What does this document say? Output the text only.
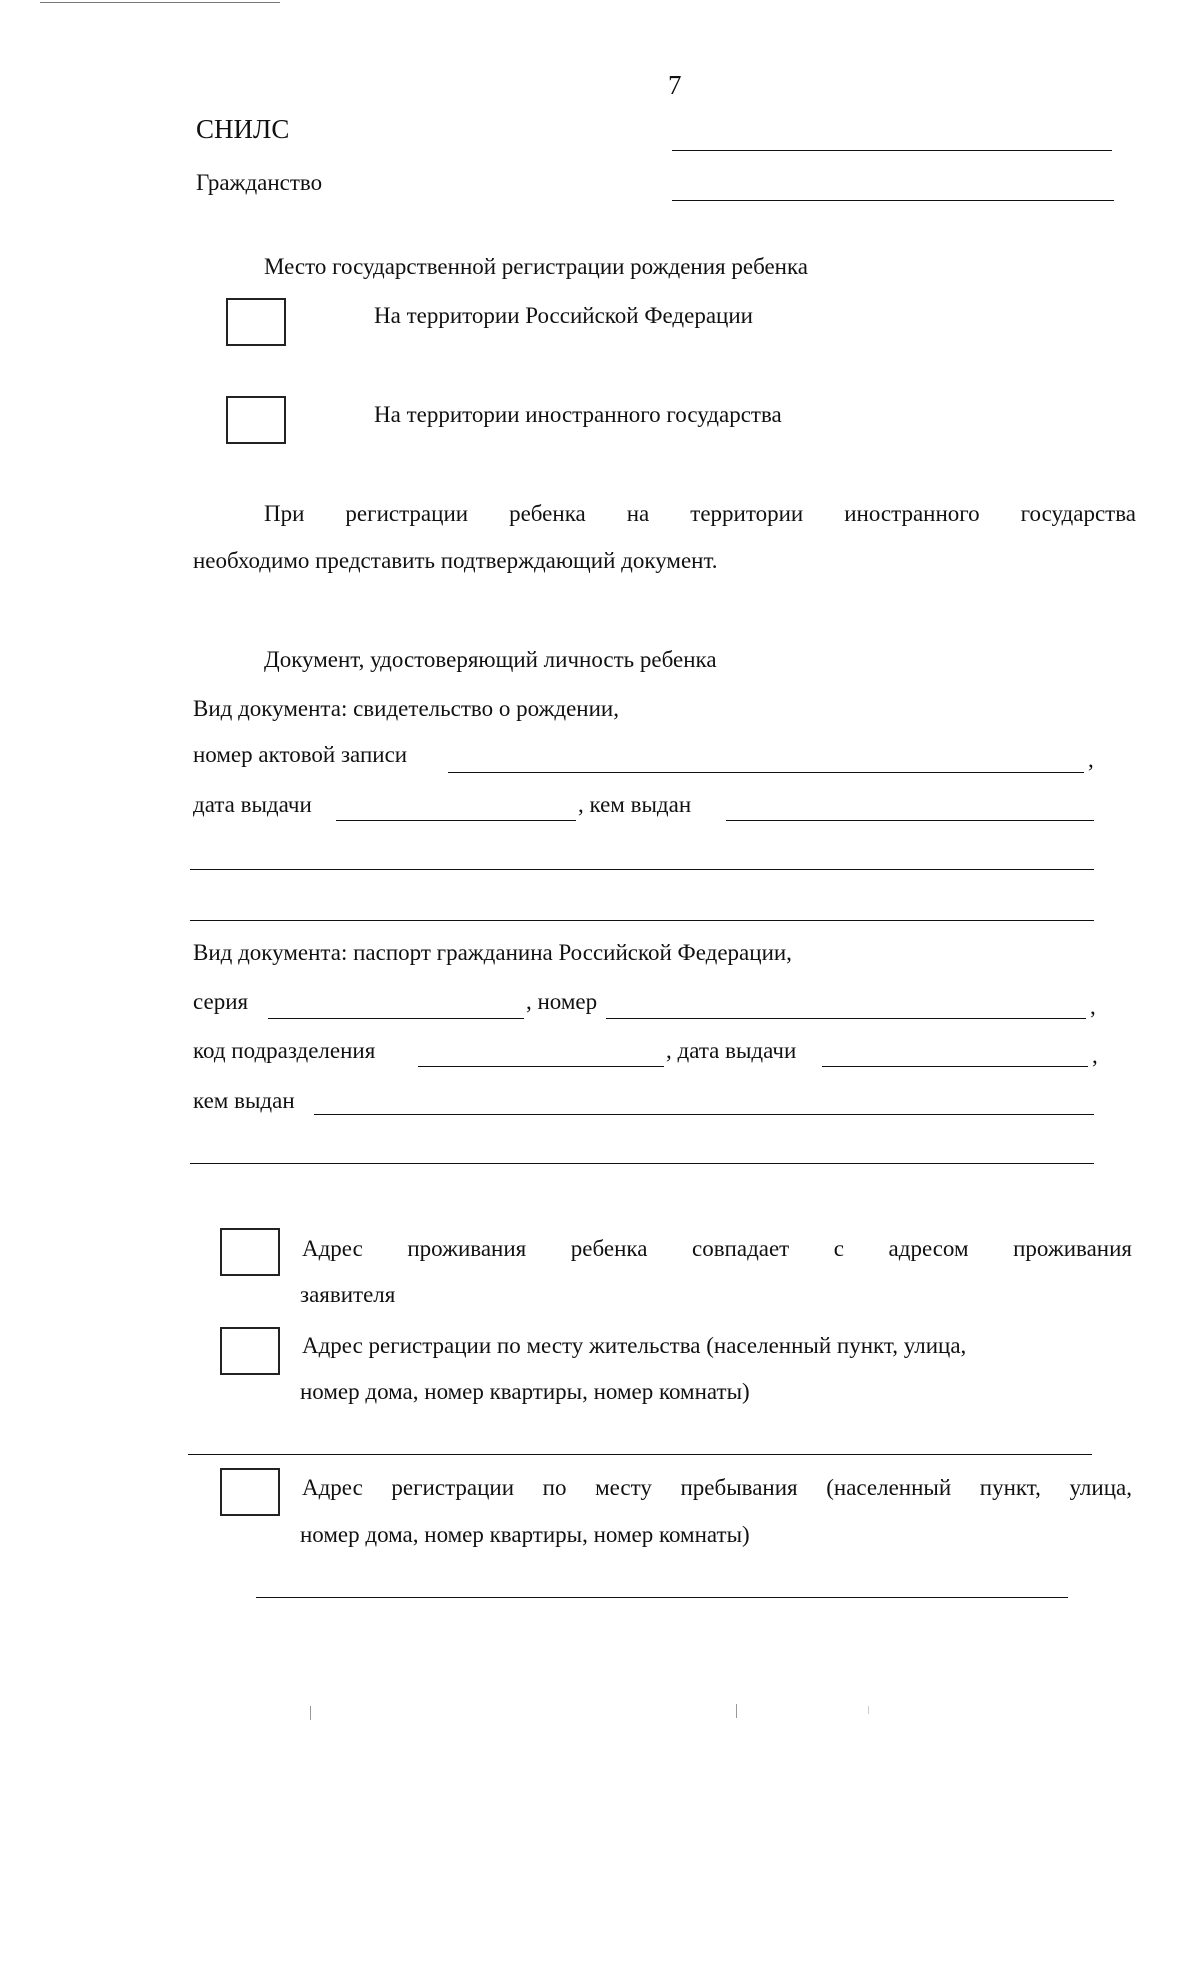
7
СНИЛС
Гражданство
Место государственной регистрации рождения ребенка
На территории Российской Федерации
На территории иностранного государства
При регистрации ребенка на территории иностранного государства
необходимо представить подтверждающий документ.
Документ, удостоверяющий личность ребенка
Вид документа: свидетельство о рождении,
номер актовой записи	,
дата выдачи	, кем выдан
Вид документа: паспорт гражданина Российской Федерации,
серия	, номер	,
код подразделения	, дата выдачи	,
кем выдан
Адрес проживания ребенка совпадает с адресом проживания
заявителя
Адрес регистрации по месту жительства (населенный пункт, улица,
номер дома, номер квартиры, номер комнаты)
Адрес регистрации по месту пребывания (населенный пункт, улица,
номер дома, номер квартиры, номер комнаты)
